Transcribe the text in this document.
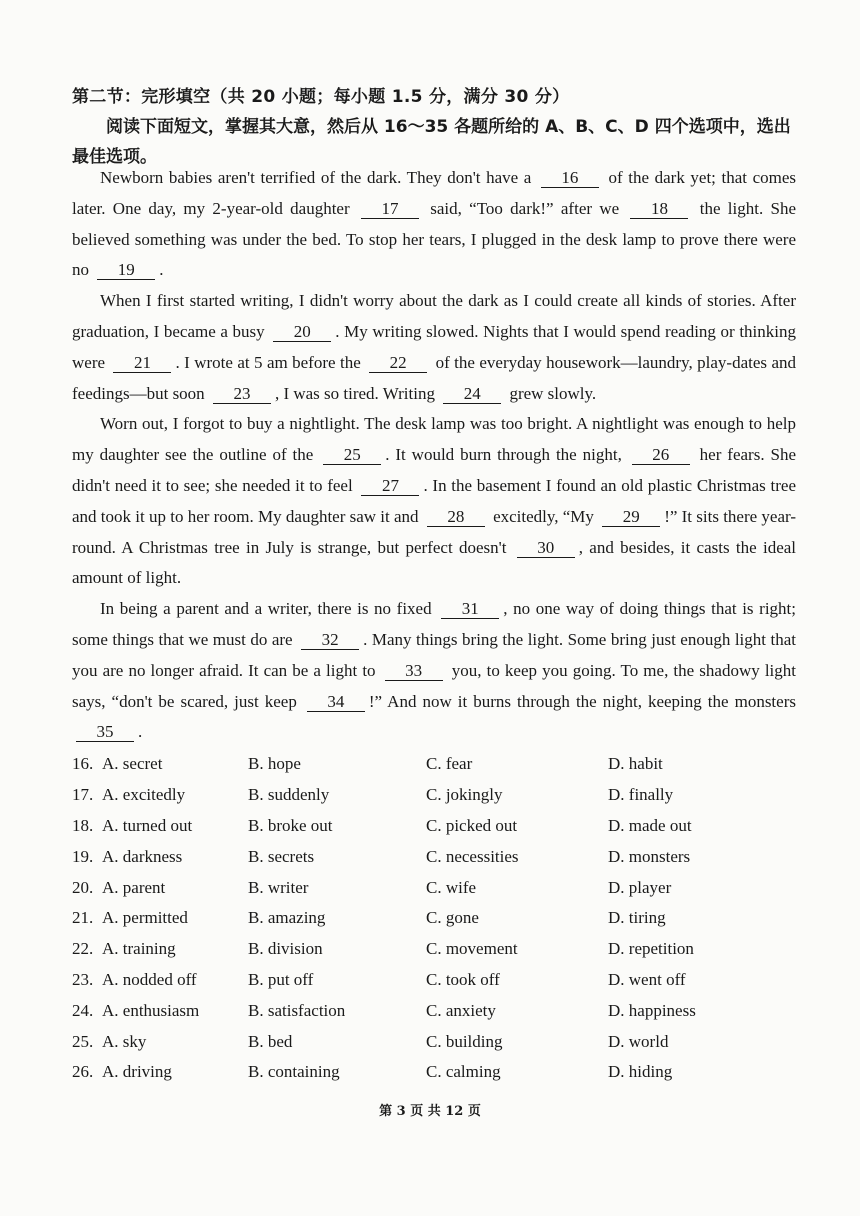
第二节：完形填空（共 20 小题；每小题 1.5 分，满分 30 分）
阅读下面短文，掌握其大意，然后从 16～35 各题所给的 A、B、C、D 四个选项中，选出最佳选项。

Newborn babies aren't terrified of the dark. They don't have a 16 of the dark yet; that comes later. One day, my 2-year-old daughter 17 said, “Too dark!” after we 18 the light. She believed something was under the bed. To stop her tears, I plugged in the desk lamp to prove there were no 19 .

When I first started writing, I didn't worry about the dark as I could create all kinds of stories. After graduation, I became a busy 20 . My writing slowed. Nights that I would spend reading or thinking were 21 . I wrote at 5 am before the 22 of the everyday housework—laundry, play-dates and feedings—but soon 23 , I was so tired. Writing 24 grew slowly.

Worn out, I forgot to buy a nightlight. The desk lamp was too bright. A nightlight was enough to help my daughter see the outline of the 25 . It would burn through the night, 26 her fears. She didn't need it to see; she needed it to feel 27 . In the basement I found an old plastic Christmas tree and took it up to her room. My daughter saw it and 28 excitedly, “My 29 !” It sits there year-round. A Christmas tree in July is strange, but perfect doesn't 30 , and besides, it casts the ideal amount of light.

In being a parent and a writer, there is no fixed 31 , no one way of doing things that is right; some things that we must do are 32 . Many things bring the light. Some bring just enough light that you are no longer afraid. It can be a light to 33 you, to keep you going. To me, the shadowy light says, “don't be scared, just keep 34 !” And now it burns through the night, keeping the monsters 35 .

16. A. secret	B. hope	C. fear	D. habit
17. A. excitedly	B. suddenly	C. jokingly	D. finally
18. A. turned out	B. broke out	C. picked out	D. made out
19. A. darkness	B. secrets	C. necessities	D. monsters
20. A. parent	B. writer	C. wife	D. player
21. A. permitted	B. amazing	C. gone	D. tiring
22. A. training	B. division	C. movement	D. repetition
23. A. nodded off	B. put off	C. took off	D. went off
24. A. enthusiasm	B. satisfaction	C. anxiety	D. happiness
25. A. sky	B. bed	C. building	D. world
26. A. driving	B. containing	C. calming	D. hiding
第 3 页 共 12 页
